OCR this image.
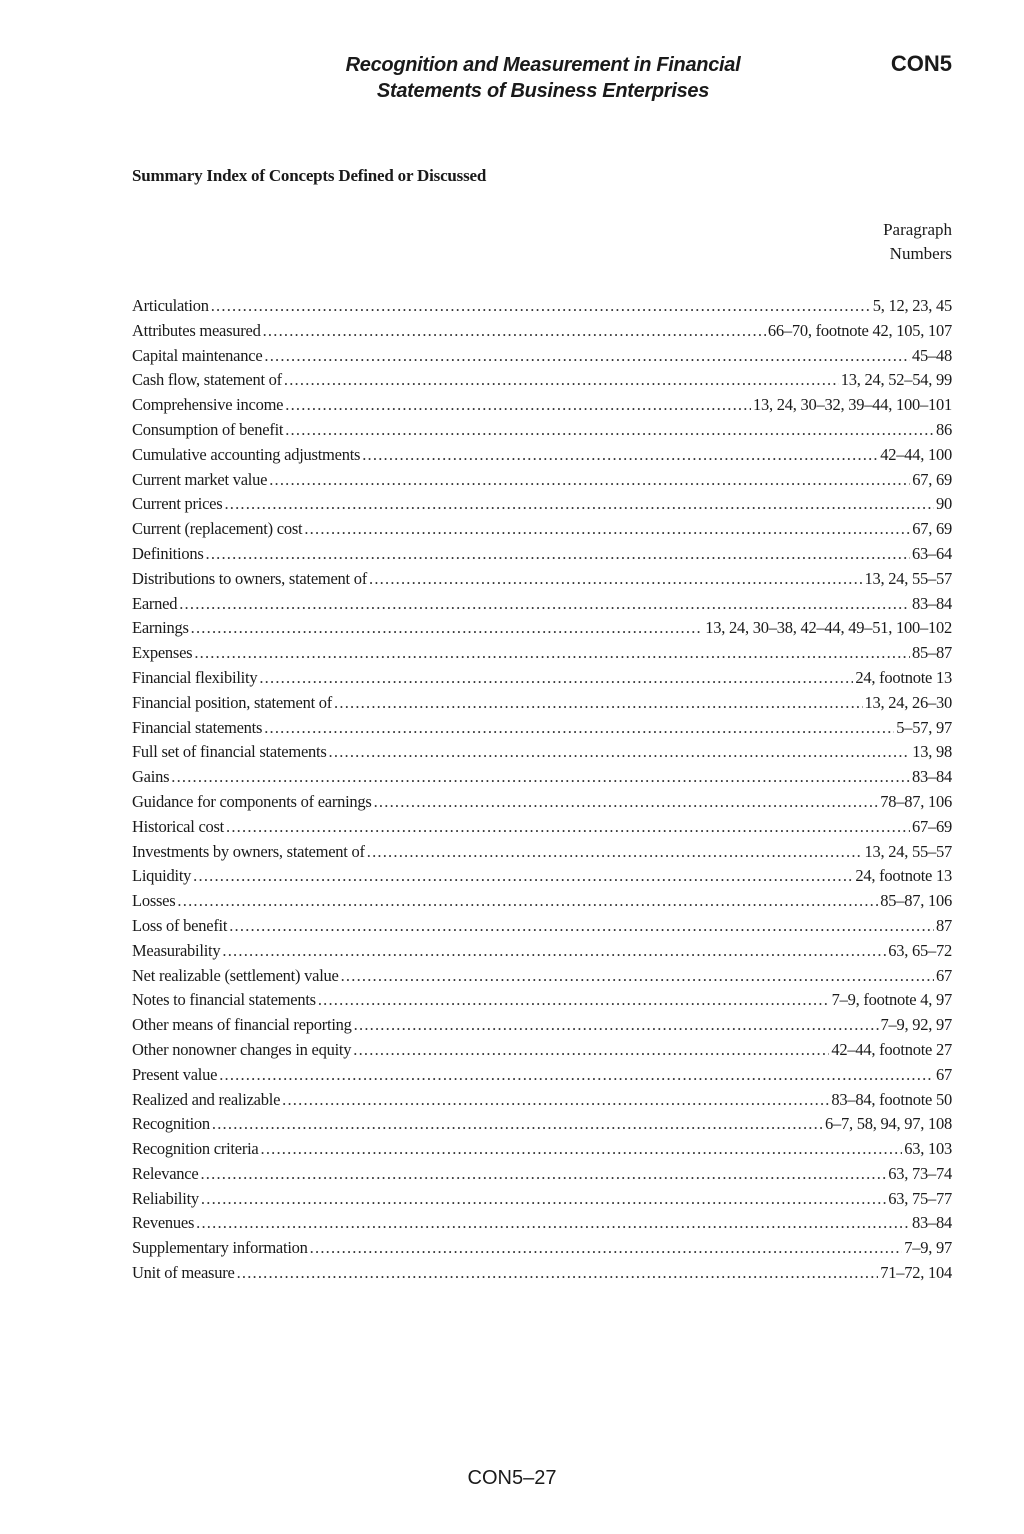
Recognition and Measurement in Financial
Statements of Business Enterprises
CON5
Summary Index of Concepts Defined or Discussed
Paragraph
Numbers
Articulation .....	5, 12, 23, 45
Attributes measured .....	66–70, footnote 42, 105, 107
Capital maintenance .....	45–48
Cash flow, statement of .....	13, 24, 52–54, 99
Comprehensive income .....	13, 24, 30–32, 39–44, 100–101
Consumption of benefit .....	86
Cumulative accounting adjustments .....	42–44, 100
Current market value .....	67, 69
Current prices .....	90
Current (replacement) cost .....	67, 69
Definitions .....	63–64
Distributions to owners, statement of .....	13, 24, 55–57
Earned .....	83–84
Earnings .....	13, 24, 30–38, 42–44, 49–51, 100–102
Expenses .....	85–87
Financial flexibility .....	24, footnote 13
Financial position, statement of .....	13, 24, 26–30
Financial statements .....	5–57, 97
Full set of financial statements .....	13, 98
Gains .....	83–84
Guidance for components of earnings .....	78–87, 106
Historical cost .....	67–69
Investments by owners, statement of .....	13, 24, 55–57
Liquidity .....	24, footnote 13
Losses .....	85–87, 106
Loss of benefit .....	87
Measurability .....	63, 65–72
Net realizable (settlement) value .....	67
Notes to financial statements .....	7–9, footnote 4, 97
Other means of financial reporting .....	7–9, 92, 97
Other nonowner changes in equity .....	42–44, footnote 27
Present value .....	67
Realized and realizable .....	83–84, footnote 50
Recognition .....	6–7, 58, 94, 97, 108
Recognition criteria .....	63, 103
Relevance .....	63, 73–74
Reliability .....	63, 75–77
Revenues .....	83–84
Supplementary information .....	7–9, 97
Unit of measure .....	71–72, 104
CON5–27
